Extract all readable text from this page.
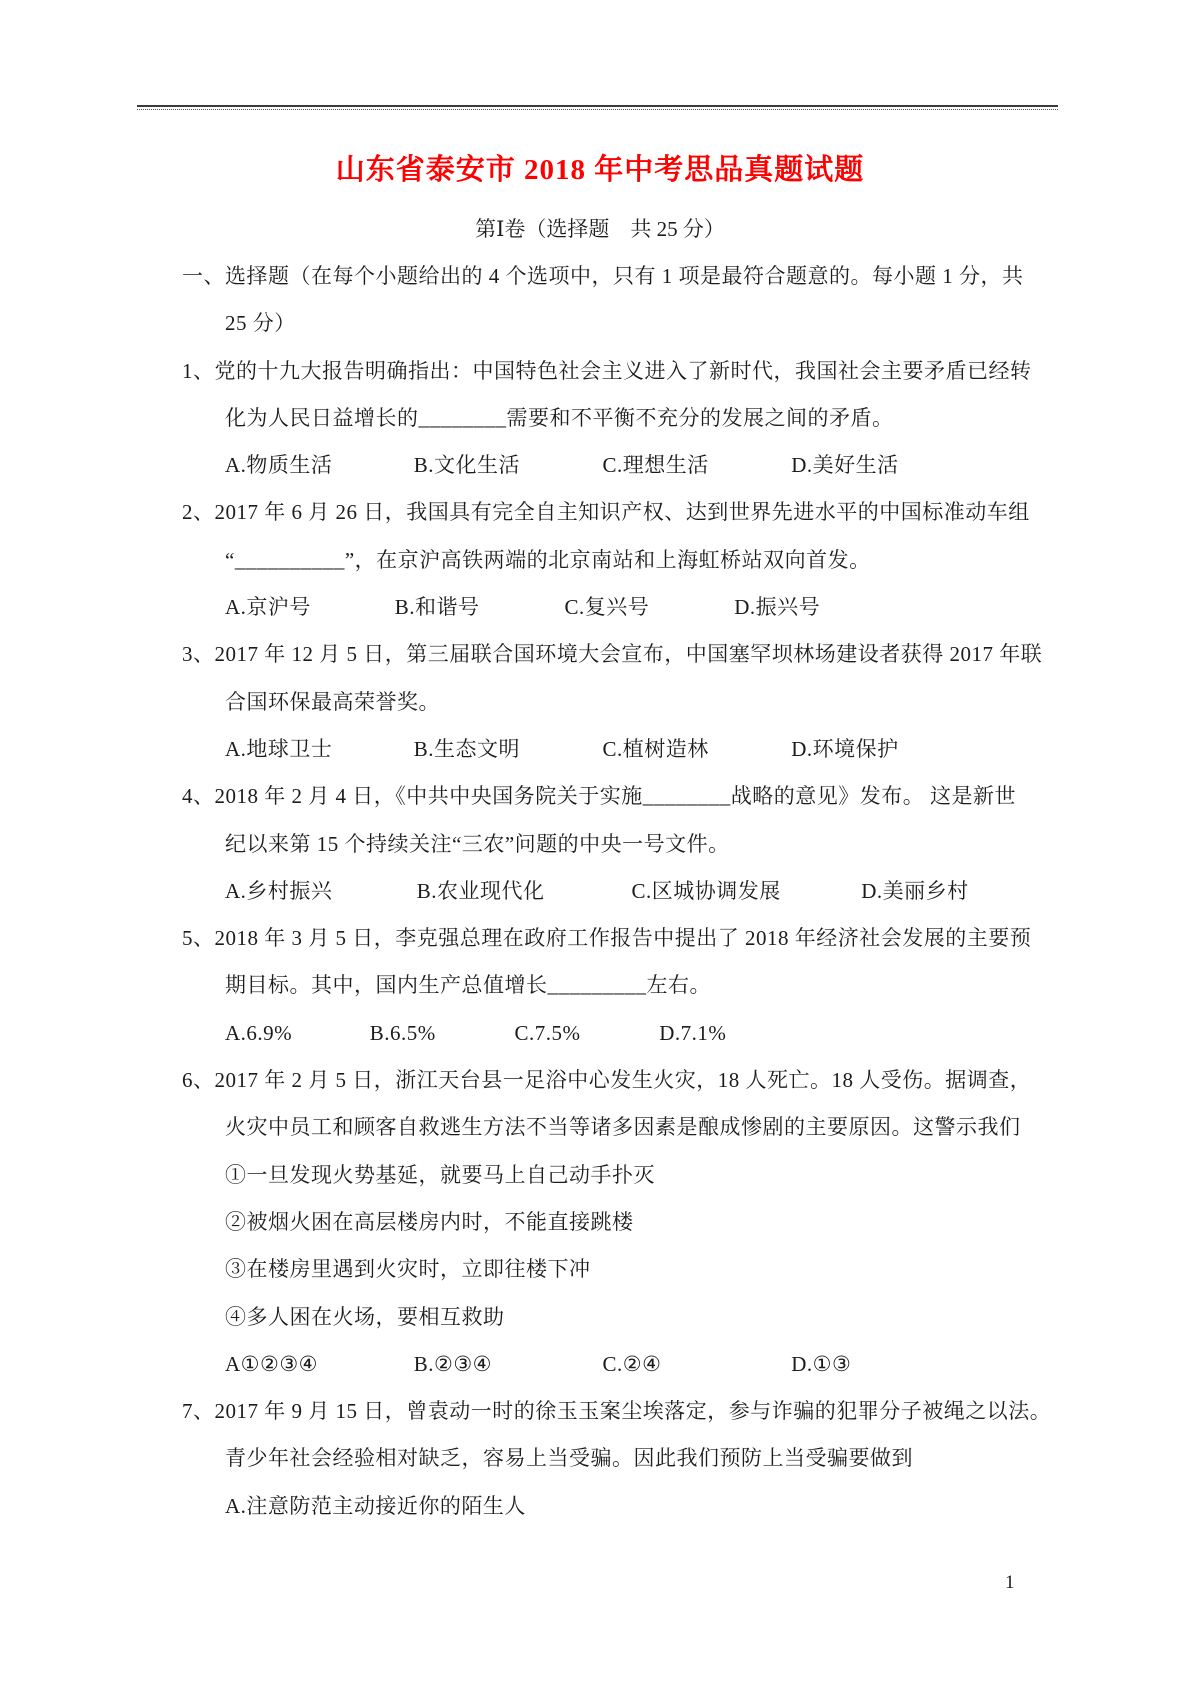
山东省泰安市 2018 年中考思品真题试题
第Ⅰ卷（选择题　共 25 分）
一、选择题（在每个小题给出的 4 个选项中，只有 1 项是最符合题意的。每小题 1 分，共
25 分）
1、党的十九大报告明确指出：中国特色社会主义进入了新时代，我国社会主要矛盾已经转
化为人民日益增长的________需要和不平衡不充分的发展之间的矛盾。
A.物质生活	B.文化生活	C.理想生活	D.美好生活
2、2017 年 6 月 26 日，我国具有完全自主知识产权、达到世界先进水平的中国标准动车组
“__________”，在京沪高铁两端的北京南站和上海虹桥站双向首发。
A.京沪号	B.和谐号	C.复兴号	D.振兴号
3、2017 年 12 月 5 日，第三届联合国环境大会宣布，中国塞罕坝林场建设者获得 2017 年联
合国环保最高荣誉奖。
A.地球卫士	B.生态文明	C.植树造林	D.环境保护
4、2018 年 2 月 4 日，《中共中央国务院关于实施________战略的意见》发布。 这是新世
纪以来第 15 个持续关注“三农”问题的中央一号文件。
A.乡村振兴	B.农业现代化	C.区城协调发展	D.美丽乡村
5、2018 年 3 月 5 日，李克强总理在政府工作报告中提出了 2018 年经济社会发展的主要预
期目标。其中，国内生产总值增长_________左右。
A.6.9%	B.6.5%	C.7.5%	D.7.1%
6、2017 年 2 月 5 日，浙江天台县一足浴中心发生火灾，18 人死亡。18 人受伤。据调查，
火灾中员工和顾客自救逃生方法不当等诸多因素是酿成惨剧的主要原因。这警示我们
①一旦发现火势基延，就要马上自己动手扑灭
②被烟火困在高层楼房内时，不能直接跳楼
③在楼房里遇到火灾时，立即往楼下冲
④多人困在火场，要相互救助
A①②③④	B.②③④	C.②④	D.①③
7、2017 年 9 月 15 日，曾袁动一时的徐玉玉案尘埃落定，参与诈骗的犯罪分子被绳之以法。
青少年社会经验相对缺乏，容易上当受骗。因此我们预防上当受骗要做到
A.注意防范主动接近你的陌生人
1
